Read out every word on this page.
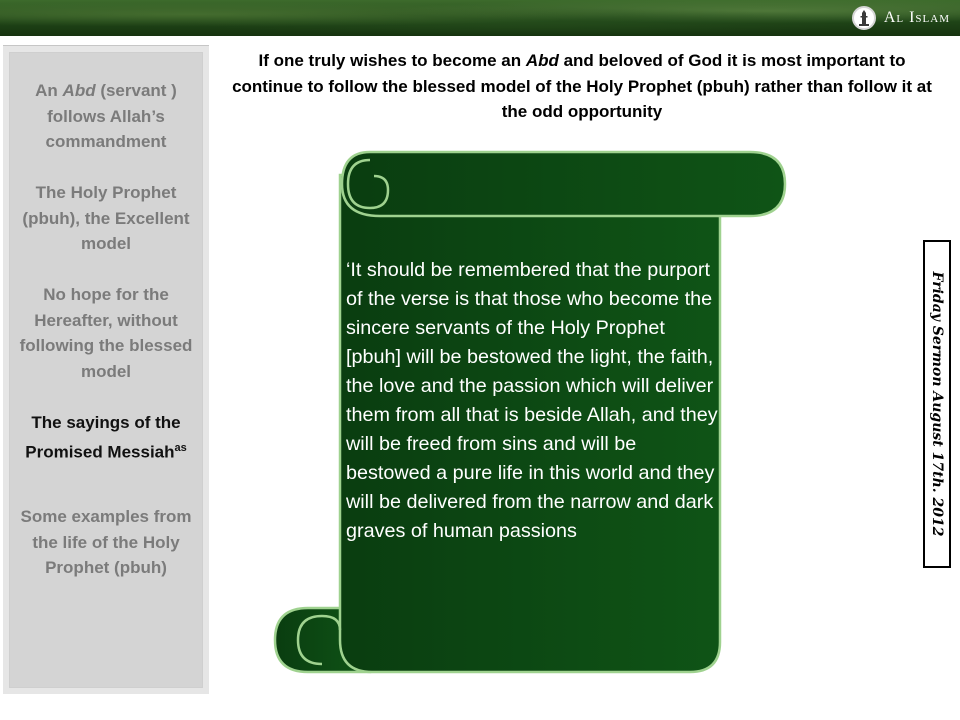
Al Islam
An Abd (servant ) follows Allah’s commandment
The Holy Prophet (pbuh), the Excellent model
No hope for the Hereafter, without following the blessed model
The sayings of the Promised Messiah$^{as}$
Some examples from the life of the Holy Prophet (pbuh)
If one truly wishes to become an Abd and beloved of God it is most important to continue to follow the blessed model of the Holy Prophet (pbuh) rather than follow it at the odd opportunity
‘It should be remembered that the purport of the verse is that those who become the sincere servants of the Holy Prophet [pbuh] will be bestowed the light, the faith, the love and the passion which will deliver them from all that is beside Allah, and they will be freed from sins and will be bestowed a pure life in this world and they will be delivered from the narrow and dark graves of human passions	Friday Sermon August 17th. 2012
